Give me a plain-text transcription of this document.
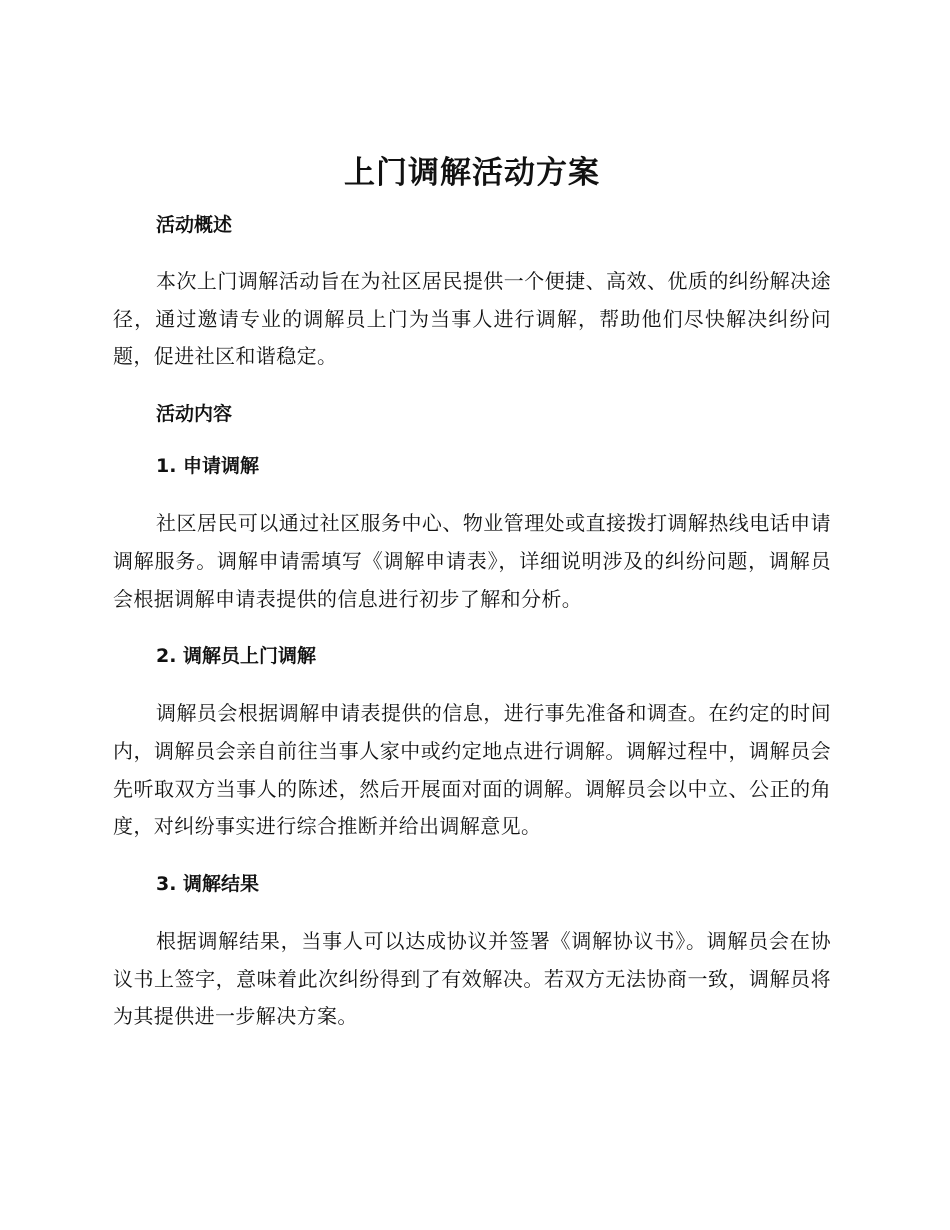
上门调解活动方案
活动概述

本次上门调解活动旨在为社区居民提供一个便捷、高效、优质的纠纷解决途径，通过邀请专业的调解员上门为当事人进行调解，帮助他们尽快解决纠纷问题，促进社区和谐稳定。

活动内容
1. 申请调解

社区居民可以通过社区服务中心、物业管理处或直接拨打调解热线电话申请调解服务。调解申请需填写《调解申请表》，详细说明涉及的纠纷问题，调解员会根据调解申请表提供的信息进行初步了解和分析。

2. 调解员上门调解

调解员会根据调解申请表提供的信息，进行事先准备和调查。在约定的时间内，调解员会亲自前往当事人家中或约定地点进行调解。调解过程中，调解员会先听取双方当事人的陈述，然后开展面对面的调解。调解员会以中立、公正的角度，对纠纷事实进行综合推断并给出调解意见。

3. 调解结果

根据调解结果，当事人可以达成协议并签署《调解协议书》。调解员会在协议书上签字，意味着此次纠纷得到了有效解决。若双方无法协商一致，调解员将为其提供进一步解决方案。
